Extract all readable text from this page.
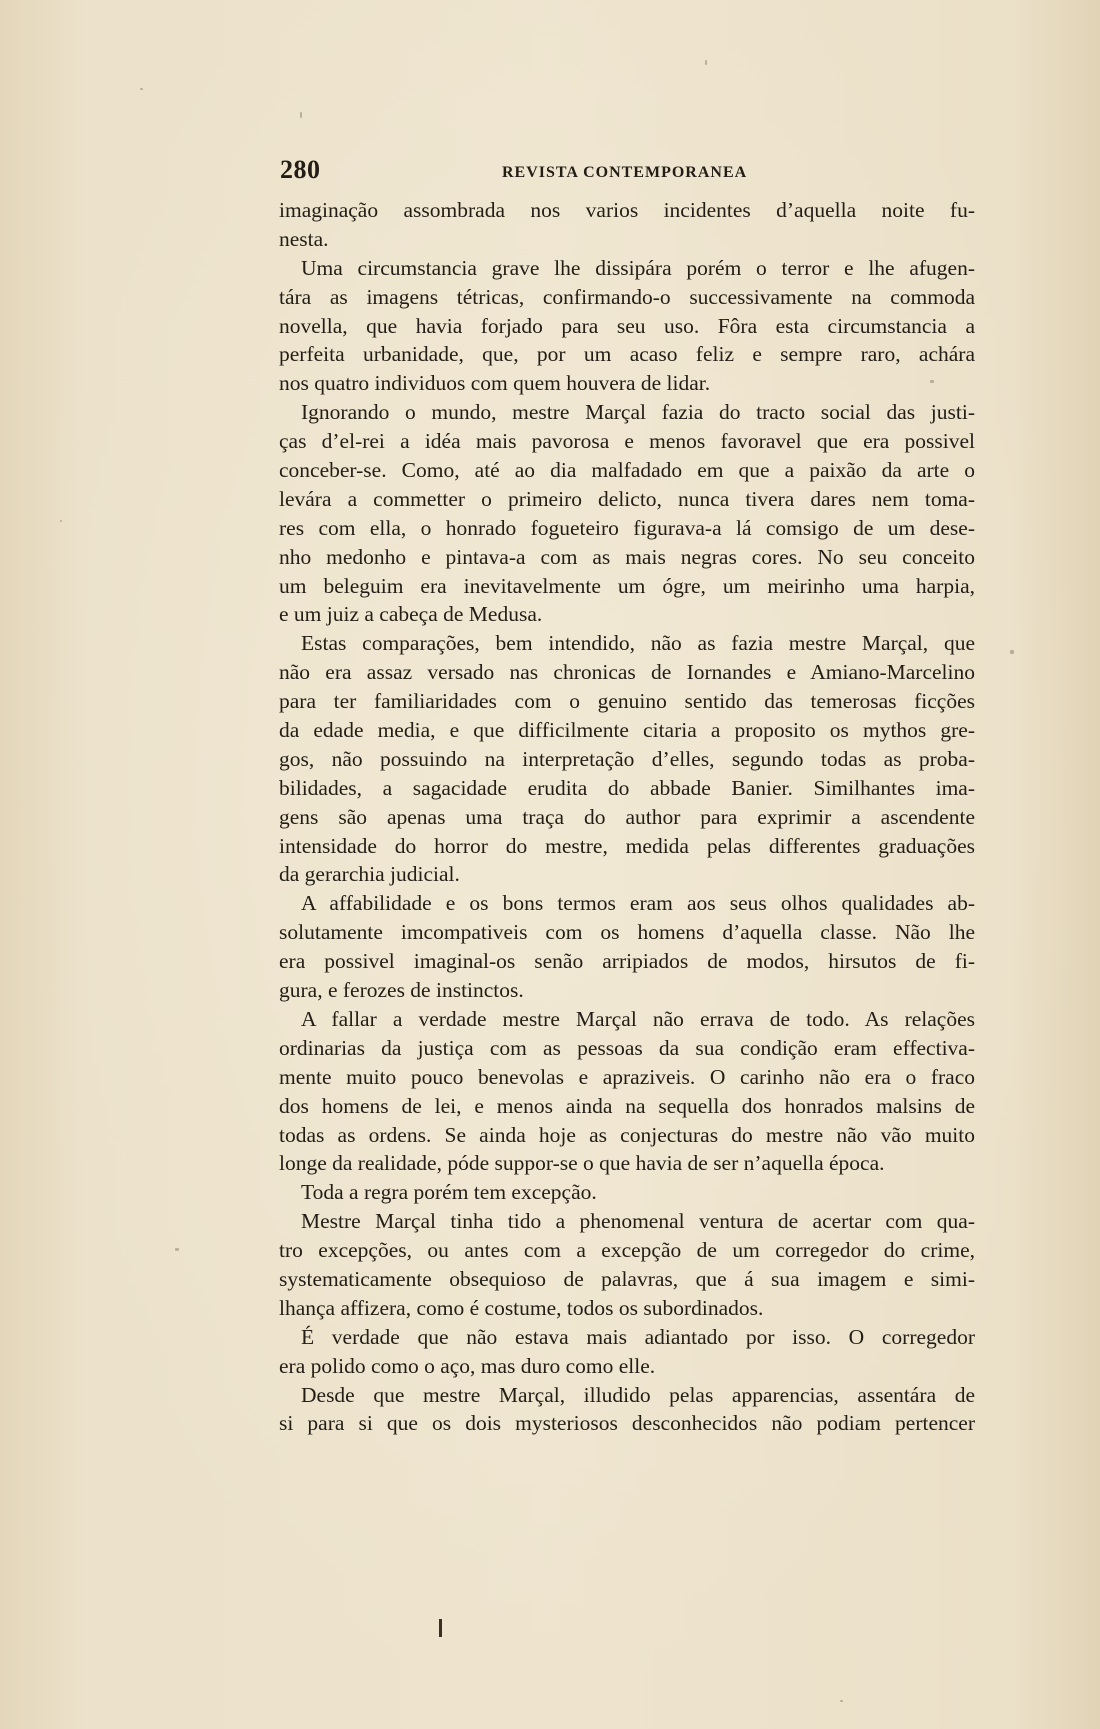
280	REVISTA CONTEMPORANEA
imaginação assombrada nos varios incidentes d’aquella noite fu-
nesta.
Uma circumstancia grave lhe dissipára porém o terror e lhe afugen-
tára as imagens tétricas, confirmando-o successivamente na commoda
novella, que havia forjado para seu uso. Fôra esta circumstancia a
perfeita urbanidade, que, por um acaso feliz e sempre raro, achára
nos quatro individuos com quem houvera de lidar.
Ignorando o mundo, mestre Marçal fazia do tracto social das justi-
ças d’el-rei a idéa mais pavorosa e menos favoravel que era possivel
conceber-se. Como, até ao dia malfadado em que a paixão da arte o
levára a commetter o primeiro delicto, nunca tivera dares nem toma-
res com ella, o honrado fogueteiro figurava-a lá comsigo de um dese-
nho medonho e pintava-a com as mais negras cores. No seu conceito
um beleguim era inevitavelmente um ógre, um meirinho uma harpia,
e um juiz a cabeça de Medusa.
Estas comparações, bem intendido, não as fazia mestre Marçal, que
não era assaz versado nas chronicas de Iornandes e Amiano-Marcelino
para ter familiaridades com o genuino sentido das temerosas ficções
da edade media, e que difficilmente citaria a proposito os mythos gre-
gos, não possuindo na interpretação d’elles, segundo todas as proba-
bilidades, a sagacidade erudita do abbade Banier. Similhantes ima-
gens são apenas uma traça do author para exprimir a ascendente
intensidade do horror do mestre, medida pelas differentes graduações
da gerarchia judicial.
A affabilidade e os bons termos eram aos seus olhos qualidades ab-
solutamente imcompativeis com os homens d’aquella classe. Não lhe
era possivel imaginal-os senão arripiados de modos, hirsutos de fi-
gura, e ferozes de instinctos.
A fallar a verdade mestre Marçal não errava de todo. As relações
ordinarias da justiça com as pessoas da sua condição eram effectiva-
mente muito pouco benevolas e apraziveis. O carinho não era o fraco
dos homens de lei, e menos ainda na sequella dos honrados malsins de
todas as ordens. Se ainda hoje as conjecturas do mestre não vão muito
longe da realidade, póde suppor-se o que havia de ser n’aquella época.
Toda a regra porém tem excepção.
Mestre Marçal tinha tido a phenomenal ventura de acertar com qua-
tro excepções, ou antes com a excepção de um corregedor do crime,
systematicamente obsequioso de palavras, que á sua imagem e simi-
lhança affizera, como é costume, todos os subordinados.
É verdade que não estava mais adiantado por isso. O corregedor
era polido como o aço, mas duro como elle.
Desde que mestre Marçal, illudido pelas apparencias, assentára de
si para si que os dois mysteriosos desconhecidos não podiam pertencer
